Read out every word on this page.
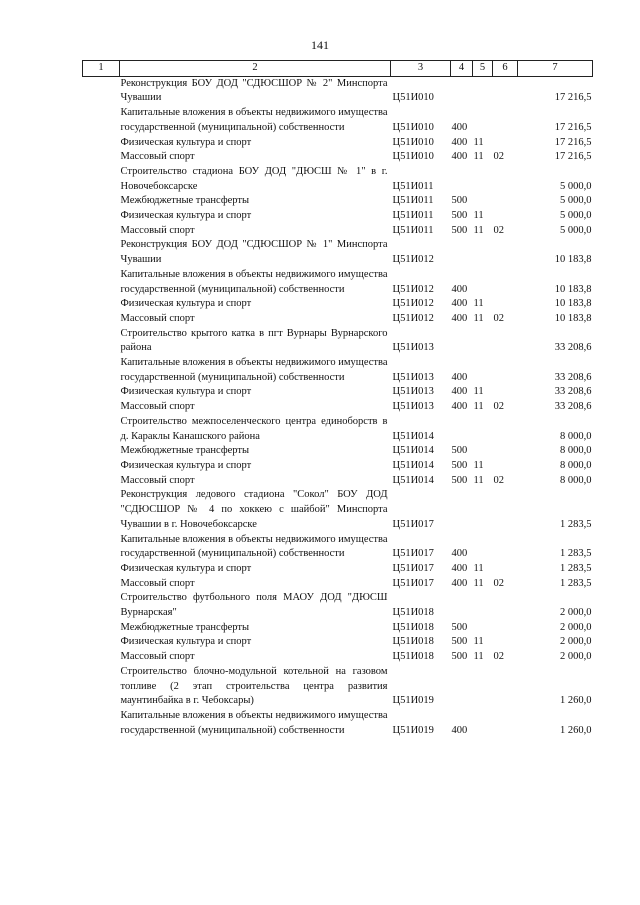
141
1	2	3	4	5	6	7
	Реконструкция БОУ ДОД "СДЮСШОР № 2" Минспорта Чувашии	Ц51И010				17 216,5
	Капитальные вложения в объекты недвижимого имущества государственной (муниципальной) собственности	Ц51И010	400			17 216,5
	Физическая культура и спорт	Ц51И010	400	11		17 216,5
	Массовый спорт	Ц51И010	400	11	02	17 216,5
	Строительство стадиона БОУ ДОД "ДЮСШ № 1" в г. Новочебоксарске	Ц51И011				5 000,0
	Межбюджетные трансферты	Ц51И011	500			5 000,0
	Физическая культура и спорт	Ц51И011	500	11		5 000,0
	Массовый спорт	Ц51И011	500	11	02	5 000,0
	Реконструкция БОУ ДОД "СДЮСШОР № 1" Минспорта Чувашии	Ц51И012				10 183,8
	Капитальные вложения в объекты недвижимого имущества государственной (муниципальной) собственности	Ц51И012	400			10 183,8
	Физическая культура и спорт	Ц51И012	400	11		10 183,8
	Массовый спорт	Ц51И012	400	11	02	10 183,8
	Строительство крытого катка в пгт Вурнары Вурнарского района	Ц51И013				33 208,6
	Капитальные вложения в объекты недвижимого имущества государственной (муниципальной) собственности	Ц51И013	400			33 208,6
	Физическая культура и спорт	Ц51И013	400	11		33 208,6
	Массовый спорт	Ц51И013	400	11	02	33 208,6
	Строительство межпоселенческого центра единоборств в д. Караклы Канашского района	Ц51И014				8 000,0
	Межбюджетные трансферты	Ц51И014	500			8 000,0
	Физическая культура и спорт	Ц51И014	500	11		8 000,0
	Массовый спорт	Ц51И014	500	11	02	8 000,0
	Реконструкция ледового стадиона "Сокол" БОУ ДОД "СДЮСШОР № 4 по хоккею с шайбой" Минспорта Чувашии в г. Новочебоксарске	Ц51И017				1 283,5
	Капитальные вложения в объекты недвижимого имущества государственной (муниципальной) собственности	Ц51И017	400			1 283,5
	Физическая культура и спорт	Ц51И017	400	11		1 283,5
	Массовый спорт	Ц51И017	400	11	02	1 283,5
	Строительство футбольного поля МАОУ ДОД "ДЮСШ Вурнарская"	Ц51И018				2 000,0
	Межбюджетные трансферты	Ц51И018	500			2 000,0
	Физическая культура и спорт	Ц51И018	500	11		2 000,0
	Массовый спорт	Ц51И018	500	11	02	2 000,0
	Строительство блочно-модульной котельной на газовом топливе (2 этап строительства центра развития маунтинбайка в г. Чебоксары)	Ц51И019				1 260,0
	Капитальные вложения в объекты недвижимого имущества государственной (муниципальной) собственности	Ц51И019	400			1 260,0
